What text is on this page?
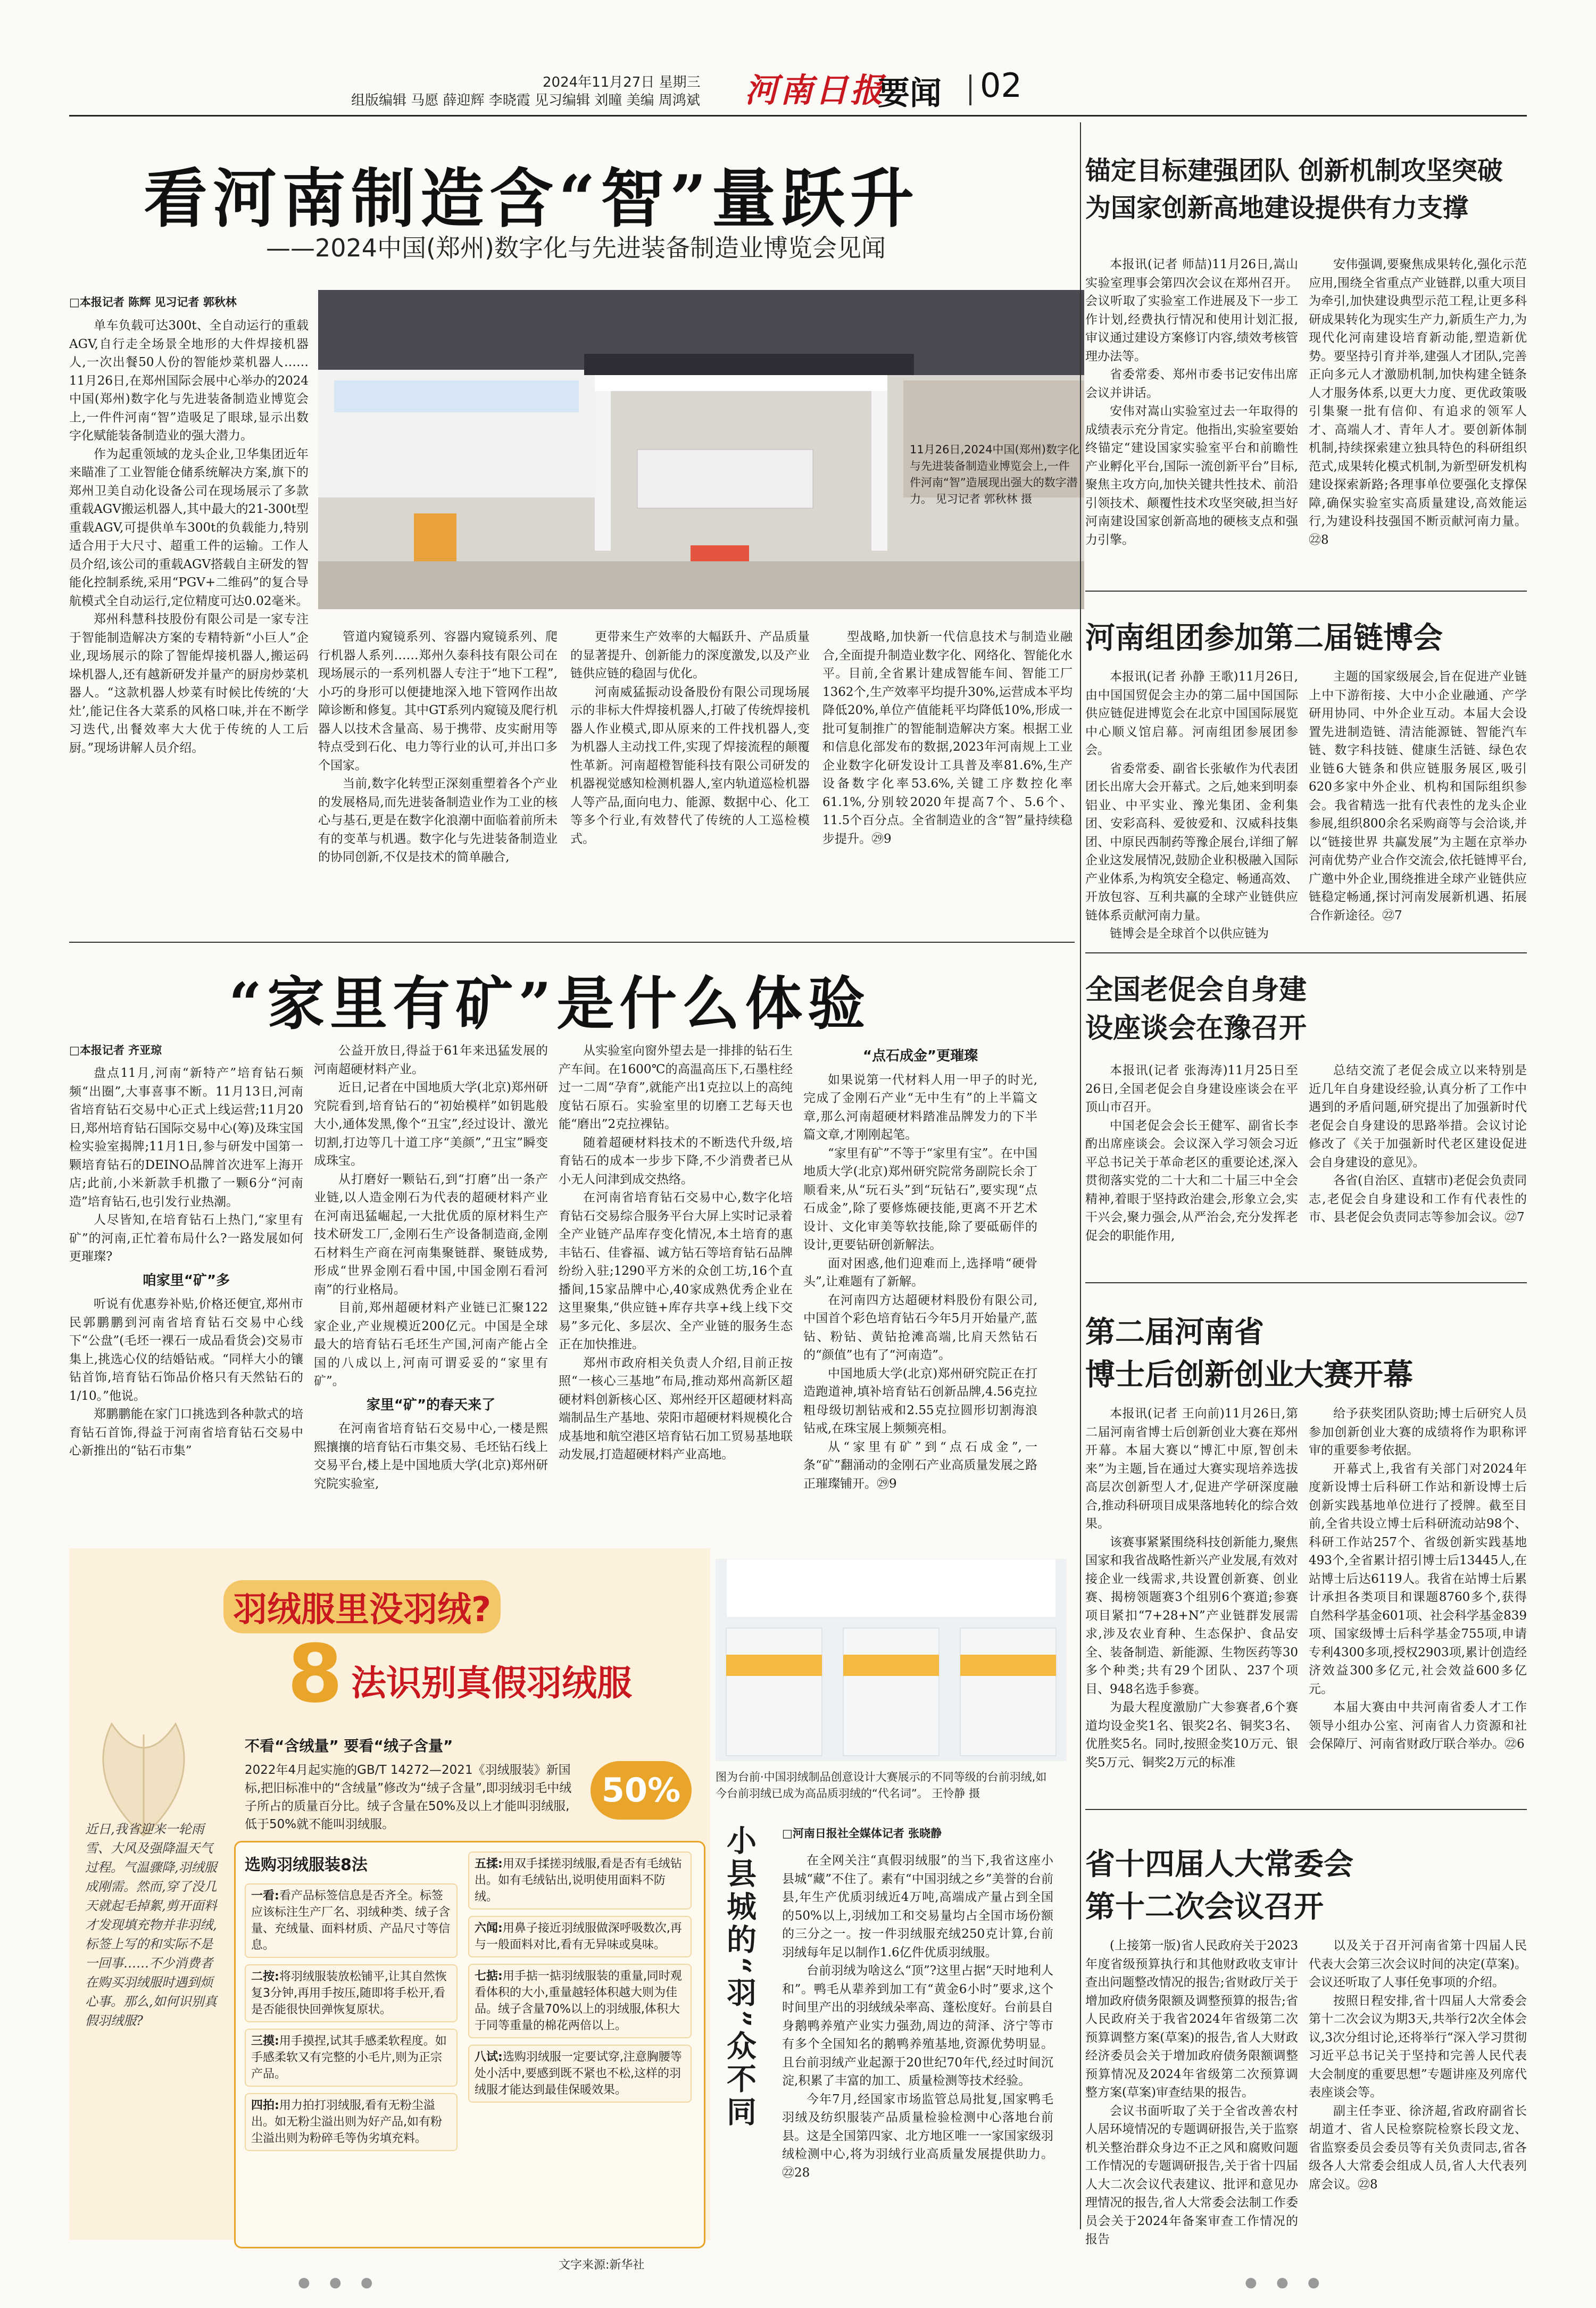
2024年11月27日 星期三
组版编辑 马愿 薛迎辉 李晓霞 见习编辑 刘曈 美编 周鸿斌 河南日报
要闻 02
看河南制造含“智”量跃升
——2024中国(郑州)数字化与先进装备制造业博览会见闻
□本报记者 陈辉 见习记者 郭秋林

单车负载可达300t、全自动运行的重载AGV,自行走全场景全地形的大件焊接机器人,一次出餐50人份的智能炒菜机器人……11月26日,在郑州国际会展中心举办的2024中国(郑州)数字化与先进装备制造业博览会上,一件件河南“智”造吸足了眼球,显示出数字化赋能装备制造业的强大潜力。

作为起重领域的龙头企业,卫华集团近年来瞄准了工业智能仓储系统解决方案,旗下的郑州卫美自动化设备公司在现场展示了多款重载AGV搬运机器人,其中最大的21-300t型重载AGV,可提供单车300t的负载能力,特别适合用于大尺寸、超重工件的运输。工作人员介绍,该公司的重载AGV搭载自主研发的智能化控制系统,采用“PGV+二维码”的复合导航模式全自动运行,定位精度可达0.02毫米。

郑州科慧科技股份有限公司是一家专注于智能制造解决方案的专精特新“小巨人”企业,现场展示的除了智能焊接机器人,搬运码垛机器人,还有越新研发并量产的厨房炒菜机器人。“这款机器人炒菜有时候比传统的‘大灶’,能记住各大菜系的风格口味,并在不断学习迭代,出餐效率大大优于传统的人工后厨。”现场讲解人员介绍。

11月26日,2024中国(郑州)数字化与先进装备制造业博览会上,一件件河南“智”造展现出强大的数字潜力。 见习记者 郭秋林 摄

管道内窥镜系列、容器内窥镜系列、爬行机器人系列……郑州久泰科技有限公司在现场展示的一系列机器人专注于“地下工程”,小巧的身形可以便捷地深入地下管网作出故障诊断和修复。其中GT系列内窥镜及爬行机器人以技术含量高、易于携带、皮实耐用等特点受到石化、电力等行业的认可,并出口多个国家。

当前,数字化转型正深刻重塑着各个产业的发展格局,而先进装备制造业作为工业的核心与基石,更是在数字化浪潮中面临着前所未有的变革与机遇。数字化与先进装备制造业的协同创新,不仅是技术的简单融合,

更带来生产效率的大幅跃升、产品质量的显著提升、创新能力的深度激发,以及产业链供应链的稳固与优化。

河南威猛振动设备股份有限公司现场展示的非标大件焊接机器人,打破了传统焊接机器人作业模式,即从原来的工件找机器人,变为机器人主动找工件,实现了焊接流程的颠覆性革新。河南超橙智能科技有限公司研发的机器视觉感知检测机器人,室内轨道巡检机器人等产品,面向电力、能源、数据中心、化工等多个行业,有效替代了传统的人工巡检模式。

型战略,加快新一代信息技术与制造业融合,全面提升制造业数字化、网络化、智能化水平。目前,全省累计建成智能车间、智能工厂1362个,生产效率平均提升30%,运营成本平均降低20%,单位产值能耗平均降低10%,形成一批可复制推广的智能制造解决方案。根据工业和信息化部发布的数据,2023年河南规上工业企业数字化研发设计工具普及率81.6%,生产设备数字化率53.6%,关键工序数控化率61.1%,分别较2020年提高7个、5.6个、11.5个百分点。全省制造业的含“智”量持续稳步提升。㉙9

“家里有矿”是什么体验
□本报记者 齐亚琼

盘点11月,河南“新特产”培育钻石频频“出圈”,大事喜事不断。11月13日,河南省培育钻石交易中心正式上线运营;11月20日,郑州培育钻石国际交易中心(筹)及珠宝国检实验室揭牌;11月1日,参与研发中国第一颗培育钻石的DEINO品牌首次进军上海开店;此前,小米新款手机撒了一颗6分“河南造”培育钻石,也引发行业热潮。

人尽皆知,在培育钻石上热门,“家里有矿”的河南,正忙着布局什么?一路发展如何更璀璨?

咱家里“矿”多

听说有优惠券补贴,价格还便宜,郑州市民郭鹏鹏到河南省培育钻石交易中心线下“公盘”(毛坯一裸石一成品看货会)交易市集上,挑选心仪的结婚钻戒。“同样大小的镶钻首饰,培育钻石饰品价格只有天然钻石的1/10。”他说。

郑鹏鹏能在家门口挑选到各种款式的培育钻石首饰,得益于河南省培育钻石交易中心新推出的“钻石市集”

公益开放日,得益于61年来迅猛发展的河南超硬材料产业。

近日,记者在中国地质大学(北京)郑州研究院看到,培育钻石的“初始模样”如钥匙般大小,通体发黑,像个“丑宝”,经过设计、激光切割,打边等几十道工序“美颜”,“丑宝”瞬变成珠宝。

从打磨好一颗钻石,到“打磨”出一条产业链,以人造金刚石为代表的超硬材料产业在河南迅猛崛起,一大批优质的原材料生产技术研发工厂,金刚石生产设备制造商,金刚石材料生产商在河南集聚链群、聚链成势,形成“世界金刚石看中国,中国金刚石看河南”的行业格局。

目前,郑州超硬材料产业链已汇聚122家企业,产业规模近200亿元。中国是全球最大的培育钻石毛坯生产国,河南产能占全国的八成以上,河南可谓妥妥的“家里有矿”。

家里“矿”的春天来了

在河南省培育钻石交易中心,一楼是熙熙攘攘的培育钻石市集交易、毛坯钻石线上交易平台,楼上是中国地质大学(北京)郑州研究院实验室,

从实验室向窗外望去是一排排的钻石生产车间。在1600℃的高温高压下,石墨柱经过一二周“孕育”,就能产出1克拉以上的高纯度钻石原石。实验室里的切磨工艺每天也能“磨出”2克拉裸钻。

随着超硬材料技术的不断迭代升级,培育钻石的成本一步步下降,不少消费者已从小无人问津到成交热络。

在河南省培育钻石交易中心,数字化培育钻石交易综合服务平台大屏上实时记录着全产业链产品库存变化情况,本土培育的惠丰钻石、佳睿福、诚方钻石等培育钻石品牌纷纷入驻;1290平方米的众创工坊,16个直播间,15家品牌中心,40家成熟优秀企业在这里聚集,“供应链+库存共享+线上线下交易”多元化、多层次、全产业链的服务生态正在加快推进。

郑州市政府相关负责人介绍,目前正按照“一核心三基地”布局,推动郑州高新区超硬材料创新核心区、郑州经开区超硬材料高端制品生产基地、荥阳市超硬材料规模化合成基地和航空港区培育钻石加工贸易基地联动发展,打造超硬材料产业高地。

“点石成金”更璀璨

如果说第一代材料人用一甲子的时光,完成了金刚石产业“无中生有”的上半篇文章,那么河南超硬材料踏准品牌发力的下半篇文章,才刚刚起笔。

“家里有矿”不等于“家里有宝”。在中国地质大学(北京)郑州研究院常务副院长余丁顺看来,从“玩石头”到“玩钻石”,要实现“点石成金”,除了要修炼硬技能,更离不开艺术设计、文化审美等软技能,除了要砥砺伴的设计,更要钻研创新解法。

面对困惑,他们迎难而上,选择啃“硬骨头”,让难题有了新解。

在河南四方达超硬材料股份有限公司,中国首个彩色培育钻石今年5月开始量产,蓝钻、粉钻、黄钻抢滩高端,比肩天然钻石的“颜值”也有了“河南造”。

中国地质大学(北京)郑州研究院正在打造跑道神,填补培育钻石创新品牌,4.56克拉粗母级切割钻戒和2.55克拉圆形切割海浪钻戒,在珠宝展上频频亮相。

从“家里有矿”到“点石成金”,一条“矿”翻涌动的金刚石产业高质量发展之路正璀璨铺开。㉙9

羽绒服里没羽绒?
8 法识别真假羽绒服
近日,我省迎来一轮雨雪、大风及强降温天气过程。气温骤降,羽绒服成刚需。然而,穿了没几天就起毛掉絮,剪开面料才发现填充物并非羽绒,标签上写的和实际不是一回事……不少消费者在购买羽绒服时遇到烦心事。那么,如何识别真假羽绒服?
不看“含绒量” 要看“绒子含量”
2022年4月起实施的GB/T 14272—2021《羽绒服装》新国标,把旧标准中的“含绒量”修改为“绒子含量”,即羽绒羽毛中绒子所占的质量百分比。绒子含量在50%及以上才能叫羽绒服,低于50%就不能叫羽绒服。
50%
选购羽绒服装8法
一看:看产品标签信息是否齐全。标签应该标注生产厂名、羽绒种类、绒子含量、充绒量、面料材质、产品尺寸等信息。
二按:将羽绒服装放松铺平,让其自然恢复3分钟,再用手按压,随即将手松开,看是否能很快回弹恢复原状。
三摸:用手摸捏,试其手感柔软程度。如手感柔软又有完整的小毛片,则为正宗产品。
四拍:用力拍打羽绒服,看有无粉尘溢出。如无粉尘溢出则为好产品,如有粉尘溢出则为粉碎毛等伪劣填充料。
五揉:用双手揉搓羽绒服,看是否有毛绒钻出。如有毛绒钻出,说明使用面料不防绒。
六闻:用鼻子接近羽绒服做深呼吸数次,再与一般面料对比,看有无异味或臭味。
七掂:用手掂一掂羽绒服装的重量,同时观看体积的大小,重量越轻体积越大则为佳品。绒子含量70%以上的羽绒服,体积大于同等重量的棉花两倍以上。
八试:选购羽绒服一定要试穿,注意胸腰等处小活中,要感到既不紧也不松,这样的羽绒服才能达到最佳保暖效果。
文字来源:新华社
图为台前·中国羽绒制品创意设计大赛展示的不同等级的台前羽绒,如今台前羽绒已成为高品质羽绒的“代名词”。 王怜静 摄
小县城的“羽”众不同	□河南日报社全媒体记者 张晓静

在全网关注“真假羽绒服”的当下,我省这座小县城“藏”不住了。素有“中国羽绒之乡”美誉的台前县,年生产优质羽绒近4万吨,高端成产量占到全国的50%以上,羽绒加工和交易量均占全国市场份额的三分之一。按一件羽绒服充绒250克计算,台前羽绒每年足以制作1.6亿件优质羽绒服。

台前羽绒为啥这么“顶”?这里占据“天时地利人和”。鸭毛从辈养到加工有“黄金6小时”要求,这个时间里产出的羽绒绒朵率高、蓬松度好。台前县自身鹅鸭养殖产业实力强劲,周边的菏泽、济宁等市有多个全国知名的鹅鸭养殖基地,资源优势明显。且台前羽绒产业起源于20世纪70年代,经过时间沉淀,积累了丰富的加工、质量检测等技术经验。

今年7月,经国家市场监管总局批复,国家鸭毛羽绒及纺织服装产品质量检验检测中心落地台前县。这是全国第四家、北方地区唯一一家国家级羽绒检测中心,将为羽绒行业高质量发展提供助力。㉒28

锚定目标建强团队 创新机制攻坚突破
为国家创新高地建设提供有力支撑

本报讯(记者 师喆)11月26日,嵩山实验室理事会第四次会议在郑州召开。会议听取了实验室工作进展及下一步工作计划,经费执行情况和使用计划汇报,审议通过建设方案修订内容,绩效考核管理办法等。

省委常委、郑州市委书记安伟出席会议并讲话。

安伟对嵩山实验室过去一年取得的成绩表示充分肯定。他指出,实验室要始终锚定“建设国家实验室平台和前瞻性产业孵化平台,国际一流创新平台”目标,聚焦主攻方向,加快关键共性技术、前沿引领技术、颠覆性技术攻坚突破,担当好河南建设国家创新高地的硬核支点和强力引擎。

安伟强调,要聚焦成果转化,强化示范应用,围绕全省重点产业链群,以重大项目为牵引,加快建设典型示范工程,让更多科研成果转化为现实生产力,新质生产力,为现代化河南建设培育新动能,塑造新优势。要坚持引育并举,建强人才团队,完善正向多元人才激励机制,加快构建全链条人才服务体系,以更大力度、更优政策吸引集聚一批有信仰、有追求的领军人才、高端人才、青年人才。要创新体制机制,持续探索建立独具特色的科研组织范式,成果转化模式机制,为新型研发机构建设探索新路;各理事单位要强化支撑保障,确保实验室实高质量建设,高效能运行,为建设科技强国不断贡献河南力量。㉒8

河南组团参加第二届链博会

本报讯(记者 孙静 王歌)11月26日,由中国国贸促会主办的第二届中国国际供应链促进博览会在北京中国国际展览中心顺义馆启幕。河南组团参展团参会。

省委常委、副省长张敏作为代表团团长出席大会开幕式。之后,她来到明泰铝业、中平实业、豫光集团、金利集团、安彩高科、爱彼爱和、汉威科技集团、中原民西制药等豫企展台,详细了解企业这发展情况,鼓励企业积极融入国际产业体系,为构筑安全稳定、畅通高效、开放包容、互利共赢的全球产业链供应链体系贡献河南力量。

链博会是全球首个以供应链为

主题的国家级展会,旨在促进产业链上中下游衔接、大中小企业融通、产学研用协同、中外企业互动。本届大会设置先进制造链、清洁能源链、智能汽车链、数字科技链、健康生活链、绿色农业链6大链条和供应链服务展区,吸引620多家中外企业、机构和国际组织参会。我省精选一批有代表性的龙头企业参展,组织800余名采购商等与会洽谈,并以“链接世界 共赢发展”为主题在京举办河南优势产业合作交流会,依托链博平台,广邀中外企业,围绕推进全球产业链供应链稳定畅通,探讨河南发展新机遇、拓展合作新途径。㉒7

全国老促会自身建设座谈会在豫召开

本报讯(记者 张海涛)11月25日至26日,全国老促会自身建设座谈会在平顶山市召开。

中国老促会会长王健军、副省长李酌出席座谈会。会议深入学习领会习近平总书记关于革命老区的重要论述,深入贯彻落实党的二十大和二十届三中全会精神,着眼于坚持政治建会,形象立会,实干兴会,聚力强会,从严治会,充分发挥老促会的职能作用,

总结交流了老促会成立以来特别是近几年自身建设经验,认真分析了工作中遇到的矛盾问题,研究提出了加强新时代老促会自身建设的思路举措。会议讨论修改了《关于加强新时代老区建设促进会自身建设的意见》。

各省(自治区、直辖市)老促会负责同志,老促会自身建设和工作有代表性的市、县老促会负责同志等参加会议。㉒7

第二届河南省
博士后创新创业大赛开幕

本报讯(记者 王向前)11月26日,第二届河南省博士后创新创业大赛在郑州开幕。本届大赛以“博汇中原,智创未来”为主题,旨在通过大赛实现培养选拔高层次创新型人才,促进产学研深度融合,推动科研项目成果落地转化的综合效果。

该赛事紧紧围绕科技创新能力,聚焦国家和我省战略性新兴产业发展,有效对接企业一线需求,共设置创新赛、创业赛、揭榜领题赛3个组别6个赛道;参赛项目紧扣“7+28+N”产业链群发展需求,涉及农业育种、生态保护、食品安全、装备制造、新能源、生物医药等30多个种类;共有29个团队、237个项目、948名选手参赛。

为最大程度激励广大参赛者,6个赛道均设金奖1名、银奖2名、铜奖3名、优胜奖5名。同时,按照金奖10万元、银奖5万元、铜奖2万元的标准

给予获奖团队资助;博士后研究人员参加创新创业大赛的成绩将作为职称评审的重要参考依据。

开幕式上,我省有关部门对2024年度新设博士后科研工作站和新设博士后创新实践基地单位进行了授牌。截至目前,全省共设立博士后科研流动站98个、科研工作站257个、省级创新实践基地493个,全省累计招引博士后13445人,在站博士后达6119人。我省在站博士后累计承担各类项目和课题8760多个,获得自然科学基金601项、社会科学基金839项、国家级博士后科学基金755项,申请专利4300多项,授权2903项,累计创造经济效益300多亿元,社会效益600多亿元。

本届大赛由中共河南省委人才工作领导小组办公室、河南省人力资源和社会保障厅、河南省财政厅联合举办。㉒6

省十四届人大常委会
第十二次会议召开

(上接第一版)省人民政府关于2023年度省级预算执行和其他财政收支审计查出问题整改情况的报告;省财政厅关于增加政府债务限额及调整预算的报告;省人民政府关于我省2024年省级第二次预算调整方案(草案)的报告,省人大财政经济委员会关于增加政府债务限额调整预算情况及2024年省级第二次预算调整方案(草案)审查结果的报告。

会议书面听取了关于全省改善农村人居环境情况的专题调研报告,关于监察机关整治群众身边不正之风和腐败问题工作情况的专题调研报告,关于省十四届人大二次会议代表建议、批评和意见办理情况的报告,省人大常委会法制工作委员会关于2024年备案审查工作情况的报告

以及关于召开河南省第十四届人民代表大会第三次会议时间的决定(草案)。会议还听取了人事任免事项的介绍。

按照日程安排,省十四届人大常委会第十二次会议为期3天,共举行2次全体会议,3次分组讨论,还将举行“深入学习贯彻习近平总书记关于坚持和完善人民代表大会制度的重要思想”专题讲座及列席代表座谈会等。

副主任李亚、徐济超,省政府副省长胡道才、省人民检察院检察长段文龙、省监察委员会委员等有关负责同志,省各级各人大常委会组成人员,省人大代表列席会议。㉒8

● ● ●	● ● ●
